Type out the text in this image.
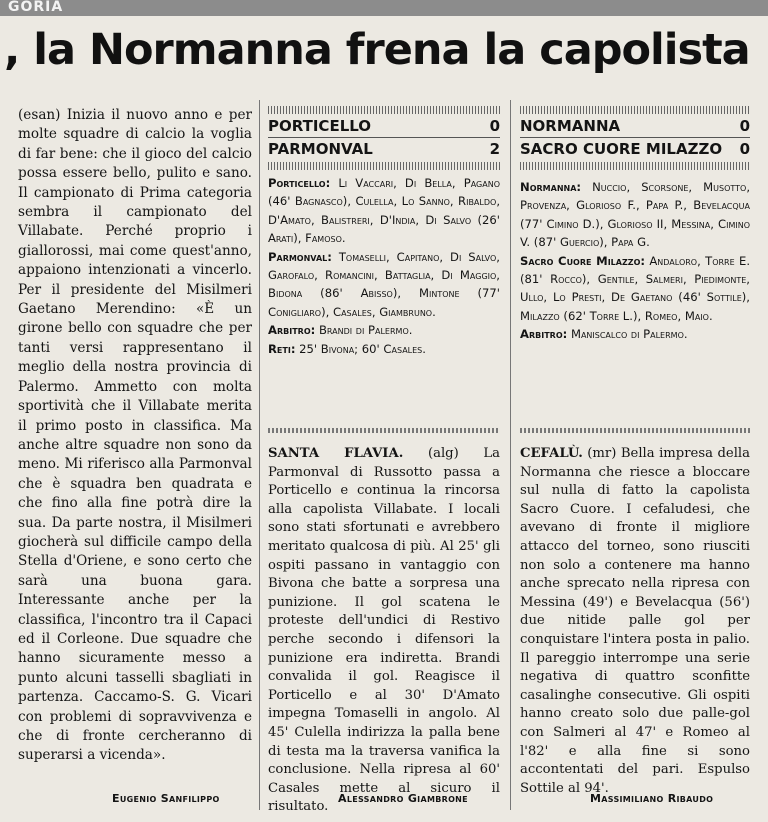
GORIA
, la Normanna frena la capolista

(esan) Inizia il nuovo anno e per molte squadre di calcio la voglia di far bene: che il gioco del calcio possa essere bello, pulito e sano. Il campionato di Prima categoria sembra il campionato del Villabate. Perché proprio i giallorossi, mai come quest'anno, appaiono intenzionati a vincerlo. Per il presidente del Misilmeri Gaetano Merendino: «È un girone bello con squadre che per tanti versi rappresentano il meglio della nostra provincia di Palermo. Ammetto con molta sportività che il Villabate merita il primo posto in classifica. Ma anche altre squadre non sono da meno. Mi riferisco alla Parmonval che è squadra ben quadrata e che fino alla fine potrà dire la sua. Da parte nostra, il Misilmeri giocherà sul difficile campo della Stella d'Oriene, e sono certo che sarà una buona gara. Interessante anche per la classifica, l'incontro tra il Capaci ed il Corleone. Due squadre che hanno sicuramente messo a punto alcuni tasselli sbagliati in partenza. Caccamo-S. G. Vicari con problemi di sopravvivenza e che di fronte cercheranno di superarsi a vicenda».

Eugenio Sanfilippo
PORTICELLO	0
PARMONVAL	2

Porticello: Li Vaccari, Di Bella, Pagano (46' Bagnasco), Culella, Lo Sanno, Ribaldo, D'Amato, Balistreri, D'India, Di Salvo (26' Arati), Famoso.

Parmonval: Tomaselli, Capitano, Di Salvo, Garofalo, Romancini, Battaglia, Di Maggio, Bidona (86' Abisso), Mintone (77' Conigliaro), Casales, Giambruno.

Arbitro: Brandi di Palermo.

Reti: 25' Bivona; 60' Casales.

SANTA FLAVIA. (alg) La Parmonval di Russotto passa a Porticello e continua la rincorsa alla capolista Villabate. I locali sono stati sfortunati e avrebbero meritato qualcosa di più. Al 25' gli ospiti passano in vantaggio con Bivona che batte a sorpresa una punizione. Il gol scatena le proteste dell'undici di Restivo perche secondo i difensori la punizione era indiretta. Brandi convalida il gol. Reagisce il Porticello e al 30' D'Amato impegna Tomaselli in angolo. Al 45' Culella indirizza la palla bene di testa ma la traversa vanifica la conclusione. Nella ripresa al 60' Casales mette al sicuro il risultato.

Alessandro Giambrone
NORMANNA	0
SACRO CUORE MILAZZO 0

Normanna: Nuccio, Scorsone, Musotto, Provenza, Glorioso F., Papa P., Bevelacqua (77' Cimino D.), Glorioso II, Messina, Cimino V. (87' Guercio), Papa G.

Sacro Cuore Milazzo: Andaloro, Torre E. (81' Rocco), Gentile, Salmeri, Piedimonte, Ullo, Lo Presti, De Gaetano (46' Sottile), Milazzo (62' Torre L.), Romeo, Maio.

Arbitro: Maniscalco di Palermo.

CEFALÙ. (mr) Bella impresa della Normanna che riesce a bloccare sul nulla di fatto la capolista Sacro Cuore. I cefaludesi, che avevano di fronte il migliore attacco del torneo, sono riusciti non solo a contenere ma hanno anche sprecato nella ripresa con Messina (49') e Bevelacqua (56') due nitide palle gol per conquistare l'intera posta in palio. Il pareggio interrompe una serie negativa di quattro sconfitte casalinghe consecutive. Gli ospiti hanno creato solo due palle-gol con Salmeri al 47' e Romeo al l'82' e alla fine si sono accontentati del pari. Espulso Sottile al 94'.

Massimiliano Ribaudo
